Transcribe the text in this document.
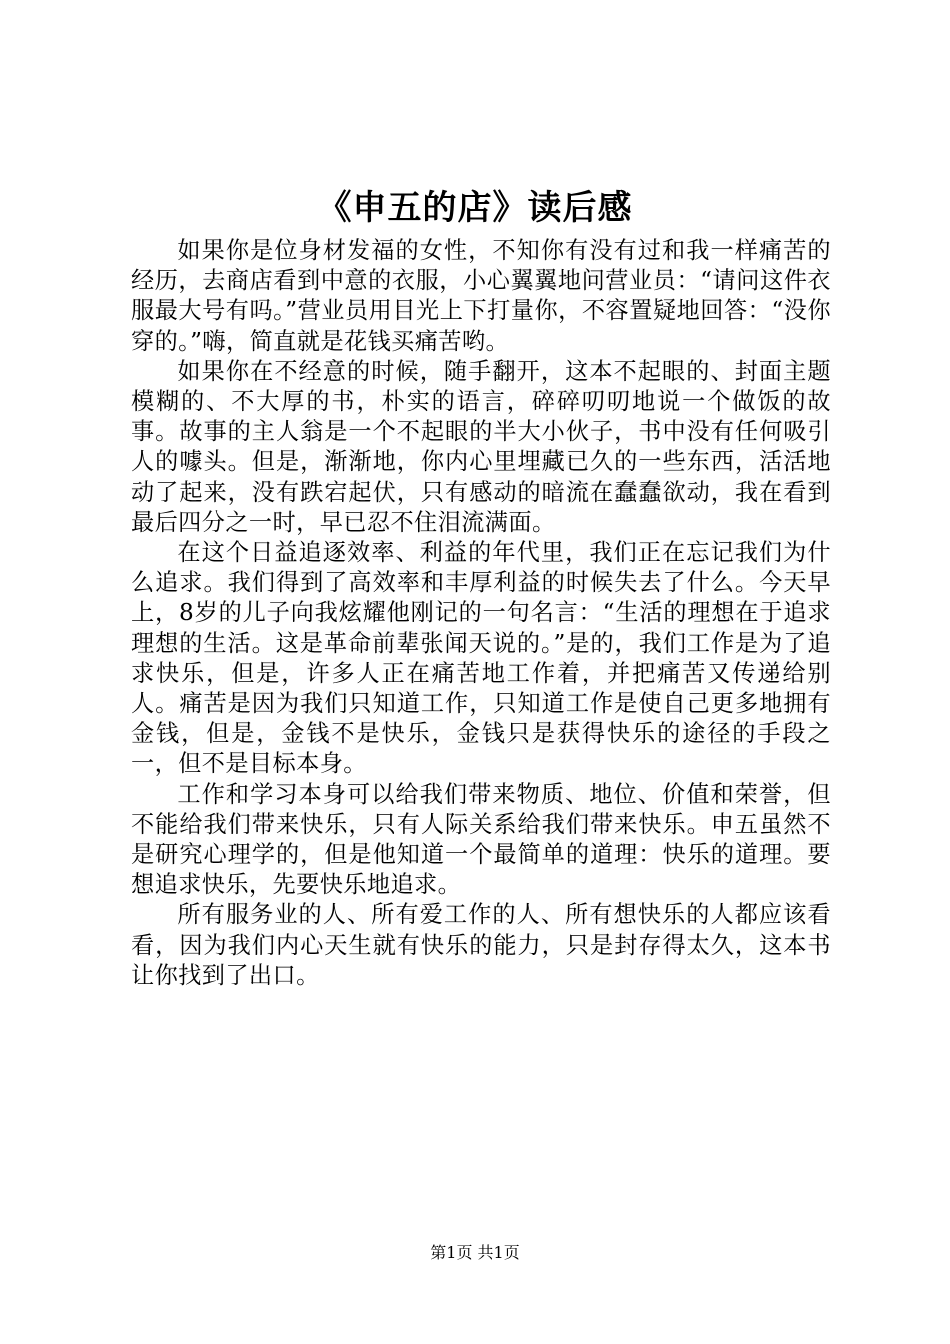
《申五的店》读后感

如果你是位身材发福的女性，不知你有没有过和我一样痛苦的经历，去商店看到中意的衣服，小心翼翼地问营业员：“请问这件衣服最大号有吗。”营业员用目光上下打量你，不容置疑地回答：“没你穿的。”嗨，简直就是花钱买痛苦哟。

如果你在不经意的时候，随手翻开，这本不起眼的、封面主题模糊的、不大厚的书，朴实的语言，碎碎叨叨地说一个做饭的故事。故事的主人翁是一个不起眼的半大小伙子，书中没有任何吸引人的噱头。但是，渐渐地，你内心里埋藏已久的一些东西，活活地动了起来，没有跌宕起伏，只有感动的暗流在蠢蠢欲动，我在看到最后四分之一时，早已忍不住泪流满面。

在这个日益追逐效率、利益的年代里，我们正在忘记我们为什么追求。我们得到了高效率和丰厚利益的时候失去了什么。今天早上，8岁的儿子向我炫耀他刚记的一句名言：“生活的理想在于追求理想的生活。这是革命前辈张闻天说的。”是的，我们工作是为了追求快乐，但是，许多人正在痛苦地工作着，并把痛苦又传递给别人。痛苦是因为我们只知道工作，只知道工作是使自己更多地拥有金钱，但是，金钱不是快乐，金钱只是获得快乐的途径的手段之一，但不是目标本身。

工作和学习本身可以给我们带来物质、地位、价值和荣誉，但不能给我们带来快乐，只有人际关系给我们带来快乐。申五虽然不是研究心理学的，但是他知道一个最简单的道理：快乐的道理。要想追求快乐，先要快乐地追求。

所有服务业的人、所有爱工作的人、所有想快乐的人都应该看看，因为我们内心天生就有快乐的能力，只是封存得太久，这本书让你找到了出口。

第1页 共1页
